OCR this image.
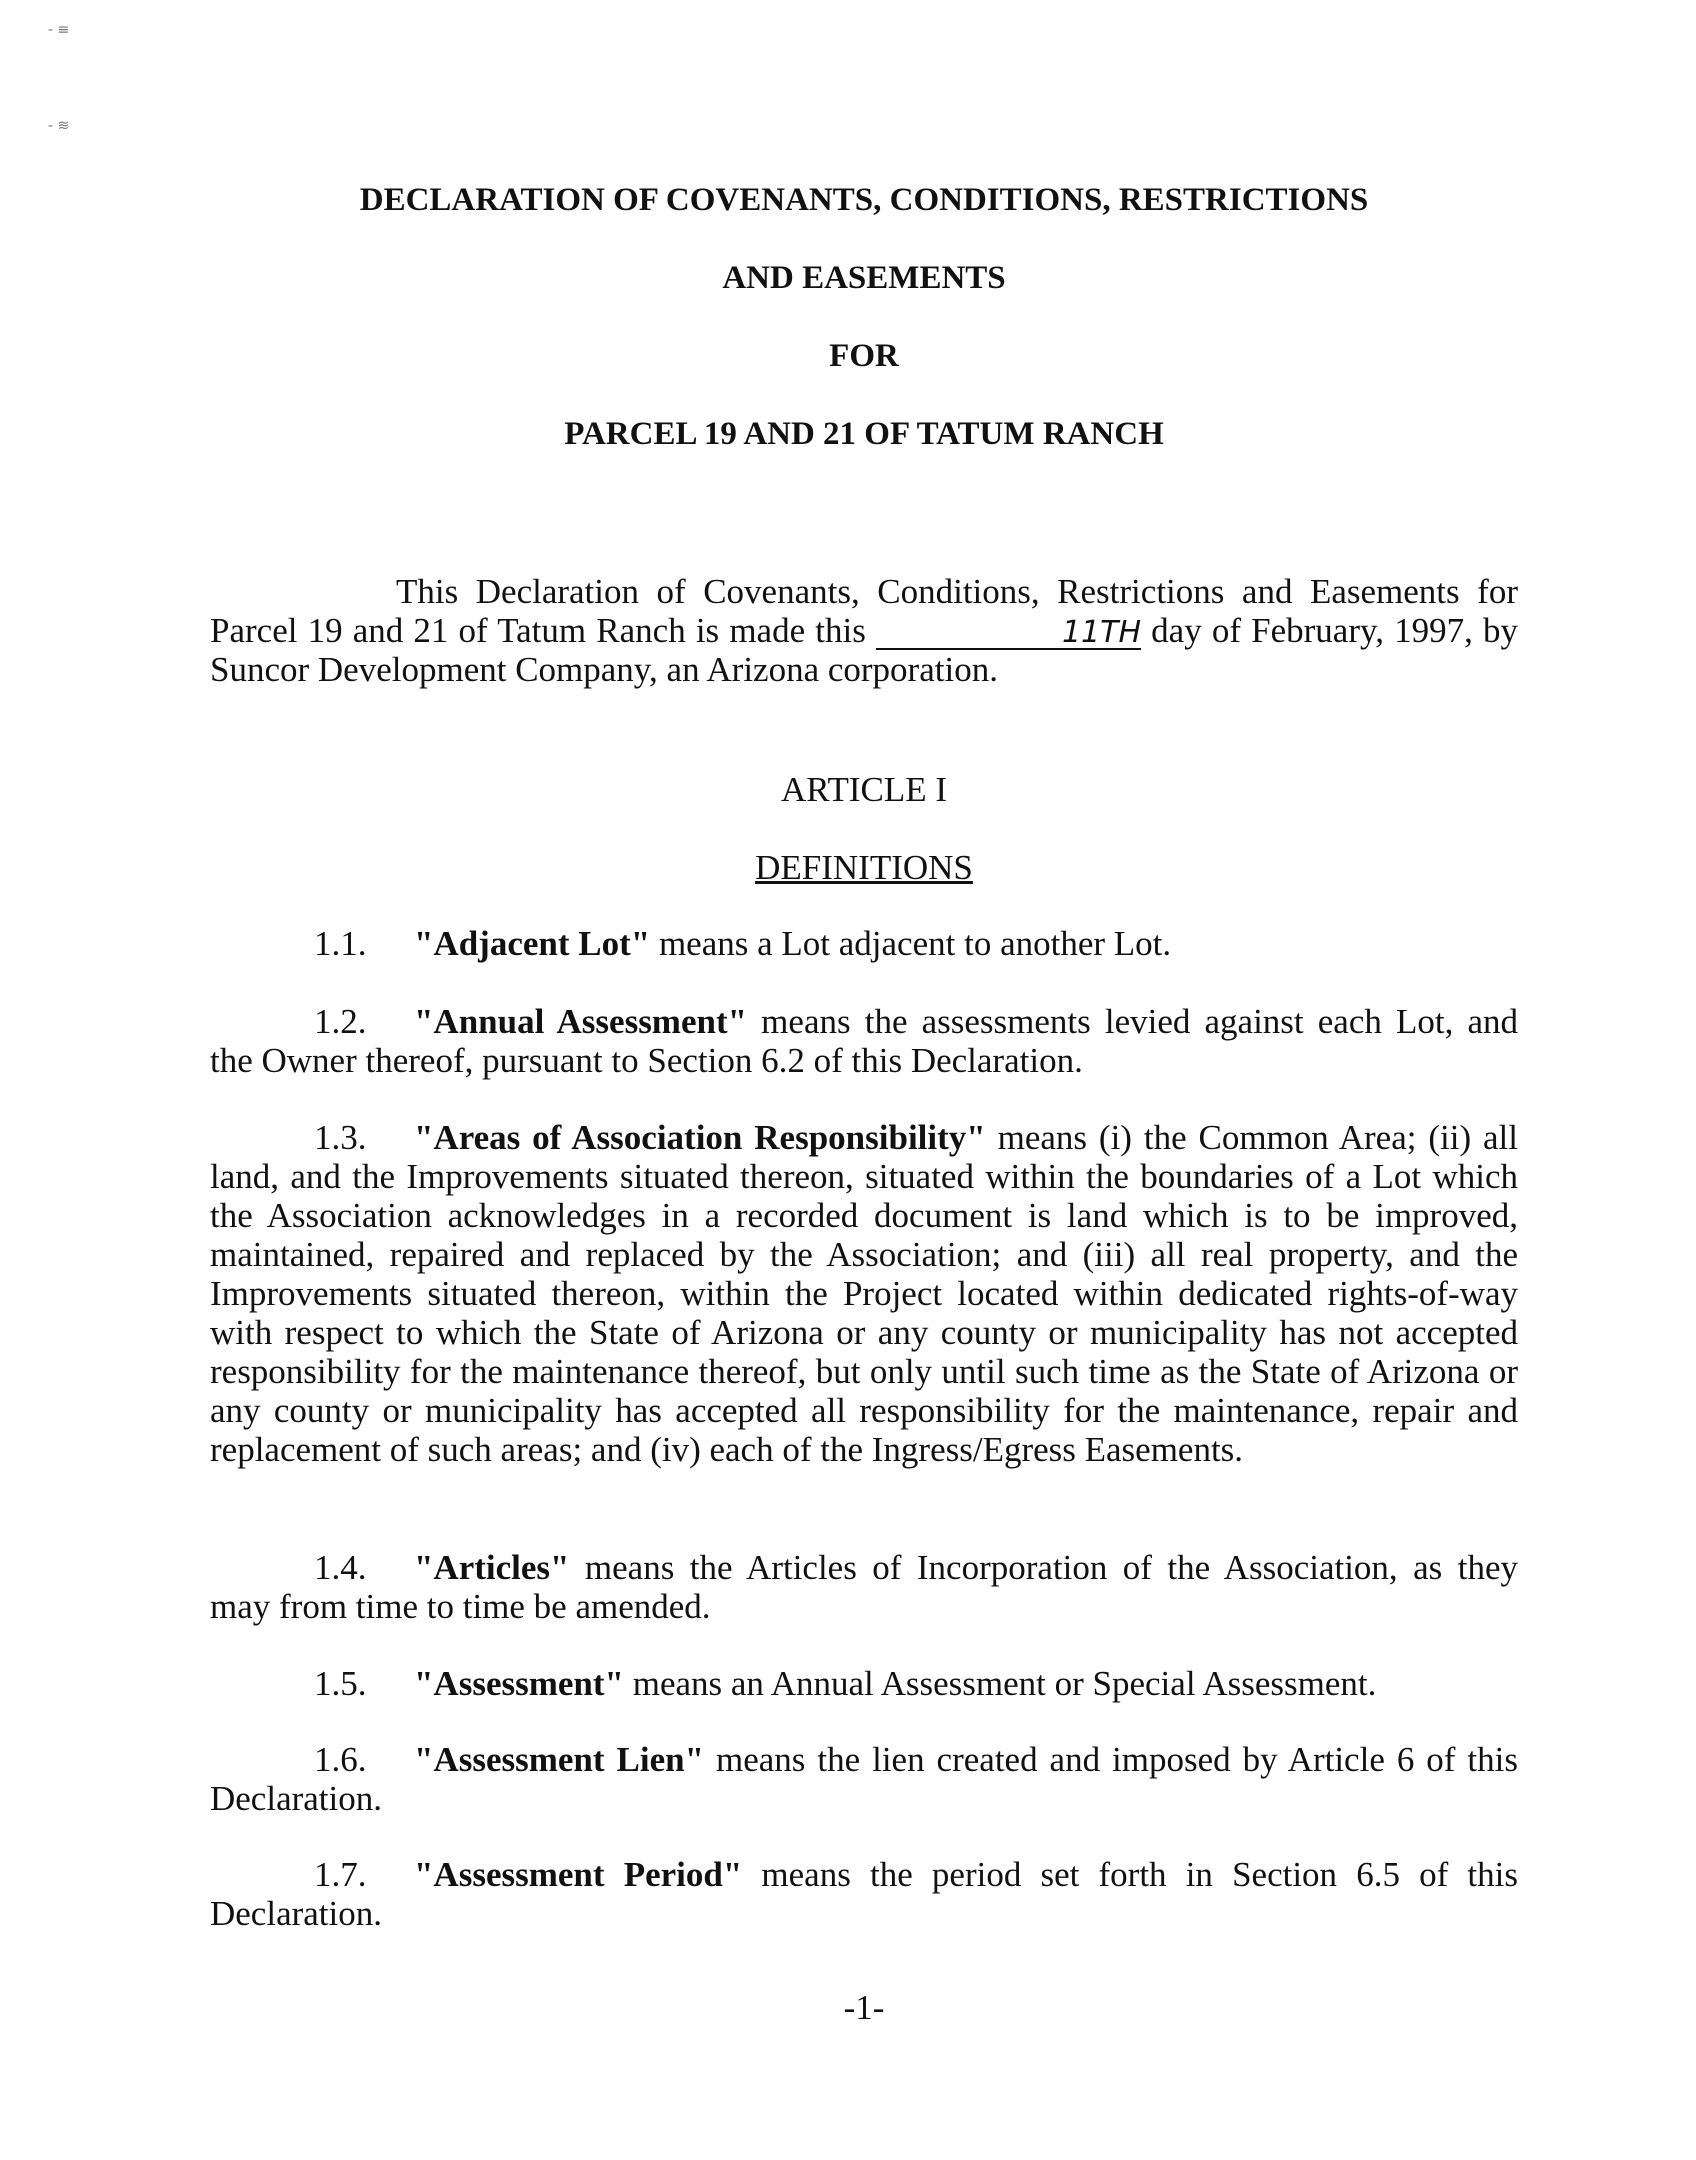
- ≡
- ≋

DECLARATION OF COVENANTS, CONDITIONS, RESTRICTIONS

AND EASEMENTS

FOR

PARCEL 19 AND 21 OF TATUM RANCH

This Declaration of Covenants, Conditions, Restrictions and Easements for Parcel 19 and 21 of Tatum Ranch is made this	11TH day of February, 1997, by Suncor Development Company, an Arizona corporation.

ARTICLE I

DEFINITIONS

1.1. "Adjacent Lot" means a Lot adjacent to another Lot.

1.2. "Annual Assessment" means the assessments levied against each Lot, and the Owner thereof, pursuant to Section 6.2 of this Declaration.

1.3. "Areas of Association Responsibility" means (i) the Common Area; (ii) all land, and the Improvements situated thereon, situated within the boundaries of a Lot which the Association acknowledges in a recorded document is land which is to be improved, maintained, repaired and replaced by the Association; and (iii) all real property, and the Improvements situated thereon, within the Project located within dedicated rights-of-way with respect to which the State of Arizona or any county or municipality has not accepted responsibility for the maintenance thereof, but only until such time as the State of Arizona or any county or municipality has accepted all responsibility for the maintenance, repair and replacement of such areas; and (iv) each of the Ingress/Egress Easements.

1.4. "Articles" means the Articles of Incorporation of the Association, as they may from time to time be amended.

1.5. "Assessment" means an Annual Assessment or Special Assessment.

1.6. "Assessment Lien" means the lien created and imposed by Article 6 of this Declaration.

1.7. "Assessment Period" means the period set forth in Section 6.5 of this Declaration.

-1-
